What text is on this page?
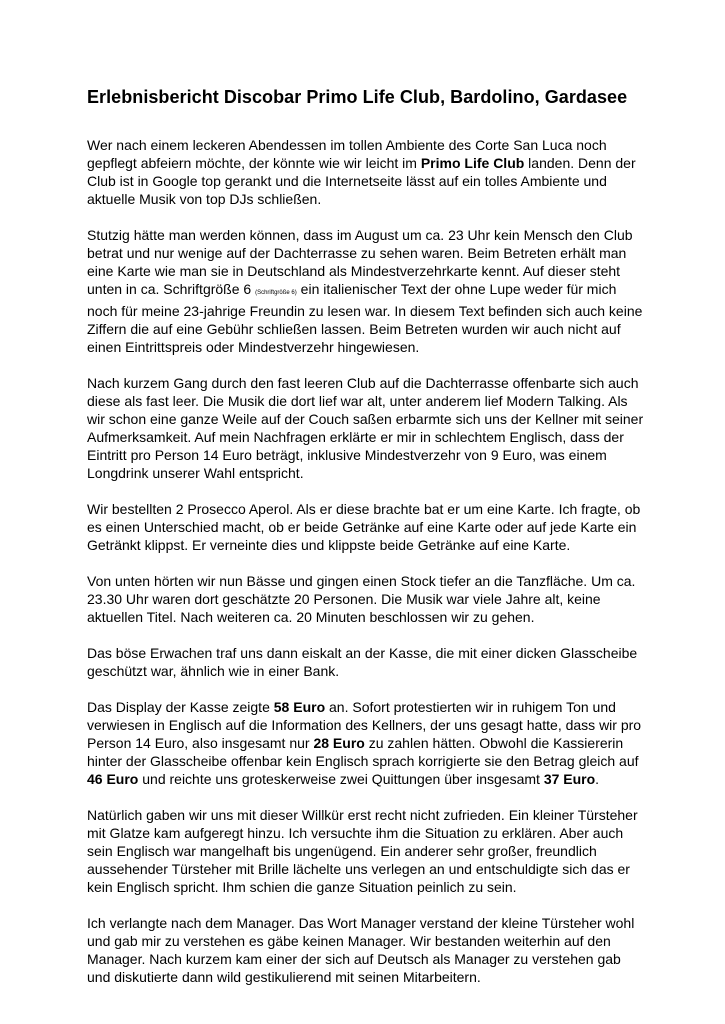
Erlebnisbericht Discobar Primo Life Club, Bardolino, Gardasee

Wer nach einem leckeren Abendessen im tollen Ambiente des Corte San Luca noch gepflegt abfeiern möchte, der könnte wie wir leicht im Primo Life Club landen. Denn der Club ist in Google top gerankt und die Internetseite lässt auf ein tolles Ambiente und aktuelle Musik von top DJs schließen.

Stutzig hätte man werden können, dass im August um ca. 23 Uhr kein Mensch den Club betrat und nur wenige auf der Dachterrasse zu sehen waren. Beim Betreten erhält man eine Karte wie man sie in Deutschland als Mindestverzehrkarte kennt. Auf dieser steht unten in ca. Schriftgröße 6 (Schriftgröße 6) ein italienischer Text der ohne Lupe weder für mich noch für meine 23-jahrige Freundin zu lesen war. In diesem Text befinden sich auch keine Ziffern die auf eine Gebühr schließen lassen. Beim Betreten wurden wir auch nicht auf einen Eintrittspreis oder Mindestverzehr hingewiesen.

Nach kurzem Gang durch den fast leeren Club auf die Dachterrasse offenbarte sich auch diese als fast leer. Die Musik die dort lief war alt, unter anderem lief Modern Talking. Als wir schon eine ganze Weile auf der Couch saßen erbarmte sich uns der Kellner mit seiner Aufmerksamkeit. Auf mein Nachfragen erklärte er mir in schlechtem Englisch, dass der Eintritt pro Person 14 Euro beträgt, inklusive Mindestverzehr von 9 Euro, was einem Longdrink unserer Wahl entspricht.

Wir bestellten 2 Prosecco Aperol. Als er diese brachte bat er um eine Karte. Ich fragte, ob es einen Unterschied macht, ob er beide Getränke auf eine Karte oder auf jede Karte ein Getränkt klippst. Er verneinte dies und klippste beide Getränke auf eine Karte.

Von unten hörten wir nun Bässe und gingen einen Stock tiefer an die Tanzfläche. Um ca. 23.30 Uhr waren dort geschätzte 20 Personen. Die Musik war viele Jahre alt, keine aktuellen Titel. Nach weiteren ca. 20 Minuten beschlossen wir zu gehen.

Das böse Erwachen traf uns dann eiskalt an der Kasse, die mit einer dicken Glasscheibe geschützt war, ähnlich wie in einer Bank.

Das Display der Kasse zeigte 58 Euro an. Sofort protestierten wir in ruhigem Ton und verwiesen in Englisch auf die Information des Kellners, der uns gesagt hatte, dass wir pro Person 14 Euro, also insgesamt nur 28 Euro zu zahlen hätten. Obwohl die Kassiererin hinter der Glasscheibe offenbar kein Englisch sprach korrigierte sie den Betrag gleich auf 46 Euro und reichte uns groteskerweise zwei Quittungen über insgesamt 37 Euro.

Natürlich gaben wir uns mit dieser Willkür erst recht nicht zufrieden. Ein kleiner Türsteher mit Glatze kam aufgeregt hinzu. Ich versuchte ihm die Situation zu erklären. Aber auch sein Englisch war mangelhaft bis ungenügend. Ein anderer sehr großer, freundlich aussehender Türsteher mit Brille lächelte uns verlegen an und entschuldigte sich das er kein Englisch spricht. Ihm schien die ganze Situation peinlich zu sein.

Ich verlangte nach dem Manager. Das Wort Manager verstand der kleine Türsteher wohl und gab mir zu verstehen es gäbe keinen Manager. Wir bestanden weiterhin auf den Manager. Nach kurzem kam einer der sich auf Deutsch als Manager zu verstehen gab und diskutierte dann wild gestikulierend mit seinen Mitarbeitern.
